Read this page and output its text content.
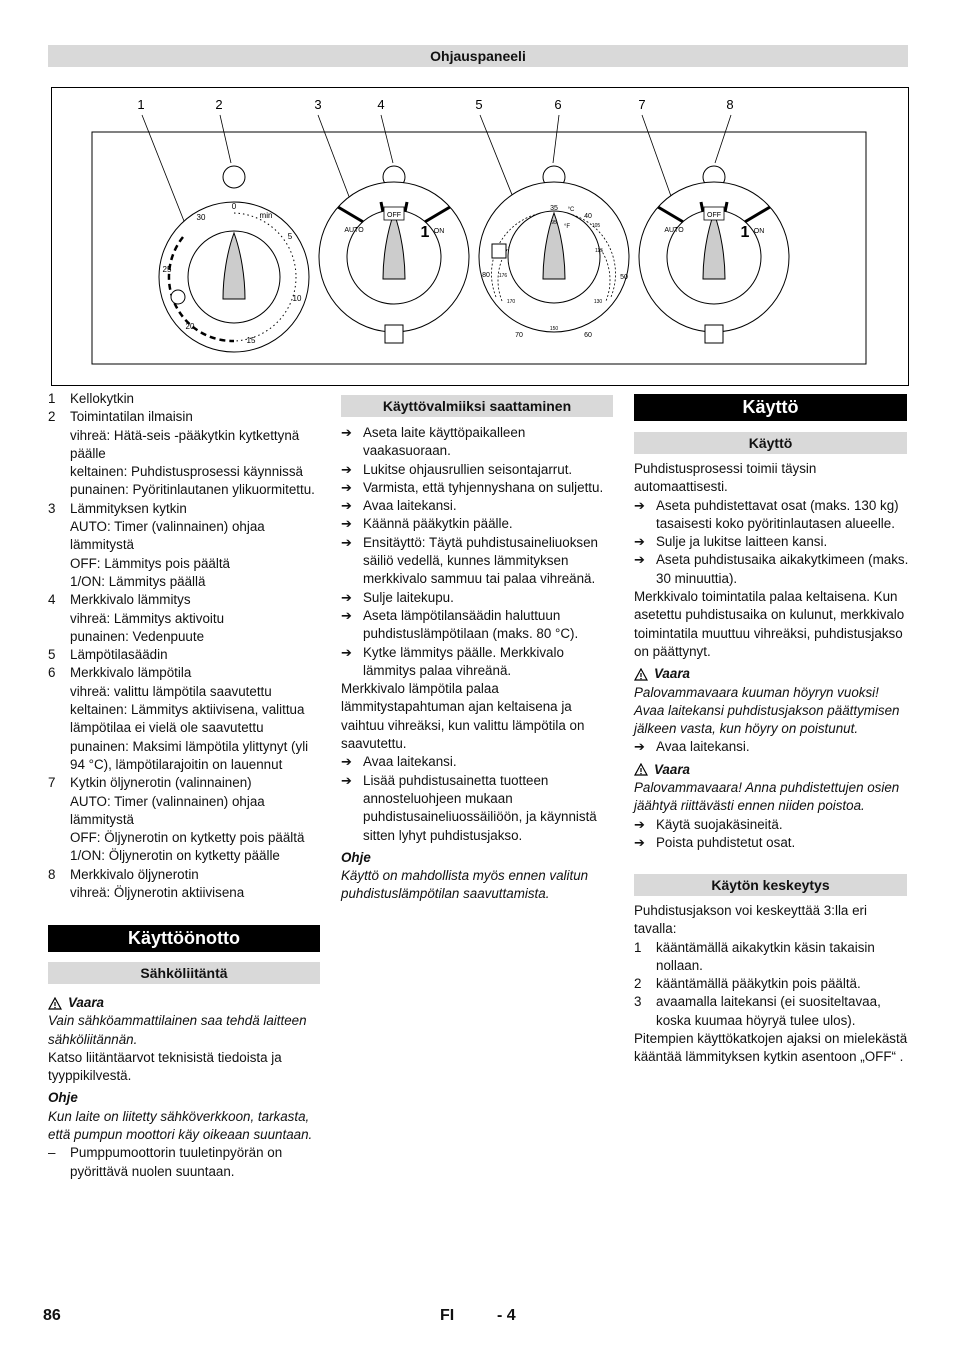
Ohjauspaneeli
1	2	3	4	5	6	7	8
0
min
5
10
15
20
25
30	OFF
AUTO	1 ON
35
40
50
60
70
80
°C
°F
95	105
115
130
150
170
176
OFF
AUTO	1 ON
1	Kellokytkin
2	Toimintatilan ilmaisin
vihreä: Hätä-seis -pääkytkin kytkettynä päälle
keltainen: Puhdistusprosessi käynnissä
punainen: Pyöritinlautanen ylikuormitettu.
3	Lämmityksen kytkin
AUTO: Timer (valinnainen) ohjaa lämmitystä
OFF: Lämmitys pois päältä
1/ON: Lämmitys päällä
4	Merkkivalo lämmitys
vihreä: Lämmitys aktivoitu
punainen: Vedenpuute
5	Lämpötilasäädin
6	Merkkivalo lämpötila
vihreä: valittu lämpötila saavutettu
keltainen: Lämmitys aktiivisena, valittua lämpötilaa ei vielä ole saavutettu
punainen: Maksimi lämpötila ylittynyt (yli 94 °C), lämpötilarajoitin on lauennut
7	Kytkin öljynerotin (valinnainen)
AUTO: Timer (valinnainen) ohjaa lämmitystä
OFF: Öljynerotin on kytketty pois päältä
1/ON: Öljynerotin on kytketty päälle
8	Merkkivalo öljynerotin
vihreä: Öljynerotin aktiivisena
Käyttöönotto
Sähköliitäntä
Vaara
Vain sähköammattilainen saa tehdä laitteen sähköliitännän.
Katso liitäntäarvot teknisistä tiedoista ja tyyppikilvestä.
Ohje
Kun laite on liitetty sähköverkkoon, tarkasta, että pumpun moottori käy oikeaan suuntaan.
–	Pumppumoottorin tuuletinpyörän on pyörittävä nuolen suuntaan.
Käyttövalmiiksi saattaminen
➔ Aseta laite käyttöpaikalleen vaakasuoraan.
➔ Lukitse ohjausrullien seisontajarrut.
➔ Varmista, että tyhjennyshana on suljettu.
➔ Avaa laitekansi.
➔ Käännä pääkytkin päälle.
➔ Ensitäyttö: Täytä puhdistusaineliuoksen säiliö vedellä, kunnes lämmityksen merkkivalo sammuu tai palaa vihreänä.
➔ Sulje laitekupu.
➔ Aseta lämpötilansäädin haluttuun puhdistuslämpötilaan (maks. 80 °C).
➔ Kytke lämmitys päälle. Merkkivalo lämmitys palaa vihreänä.
Merkkivalo lämpötila palaa lämmitystapahtuman ajan keltaisena ja vaihtuu vihreäksi, kun valittu lämpötila on saavutettu.
➔ Avaa laitekansi.
➔ Lisää puhdistusainetta tuotteen annosteluohjeen mukaan puhdistusaineliuossäiliöön, ja käynnistä sitten lyhyt puhdistusjakso.
Ohje
Käyttö on mahdollista myös ennen valitun puhdistuslämpötilan saavuttamista.
Käyttö
Käyttö
Puhdistusprosessi toimii täysin automaattisesti.
➔ Aseta puhdistettavat osat (maks. 130 kg) tasaisesti koko pyöritinlautasen alueelle.
➔ Sulje ja lukitse laitteen kansi.
➔ Aseta puhdistusaika aikakytkimeen (maks. 30 minuuttia).
Merkkivalo toimintatila palaa keltaisena. Kun asetettu puhdistusaika on kulunut, merkkivalo toimintatila muuttuu vihreäksi, puhdistusjakso on päättynyt.
Vaara
Palovammavaara kuuman höyryn vuoksi! Avaa laitekansi puhdistusjakson päättymisen jälkeen vasta, kun höyry on poistunut.
➔ Avaa laitekansi.
Vaara
Palovammavaara! Anna puhdistettujen osien jäähtyä riittävästi ennen niiden poistoa.
➔ Käytä suojakäsineitä.
➔ Poista puhdistetut osat.
Käytön keskeytys
Puhdistusjakson voi keskeyttää 3:lla eri tavalla:
1	kääntämällä aikakytkin käsin takaisin nollaan.
2	kääntämällä pääkytkin pois päältä.
3	avaamalla laitekansi (ei suositeltavaa, koska kuumaa höyryä tulee ulos).
Pitempien käyttökatkojen ajaksi on mielekästä kääntää lämmityksen kytkin asentoon „OFF“ .
86	FI	- 4
